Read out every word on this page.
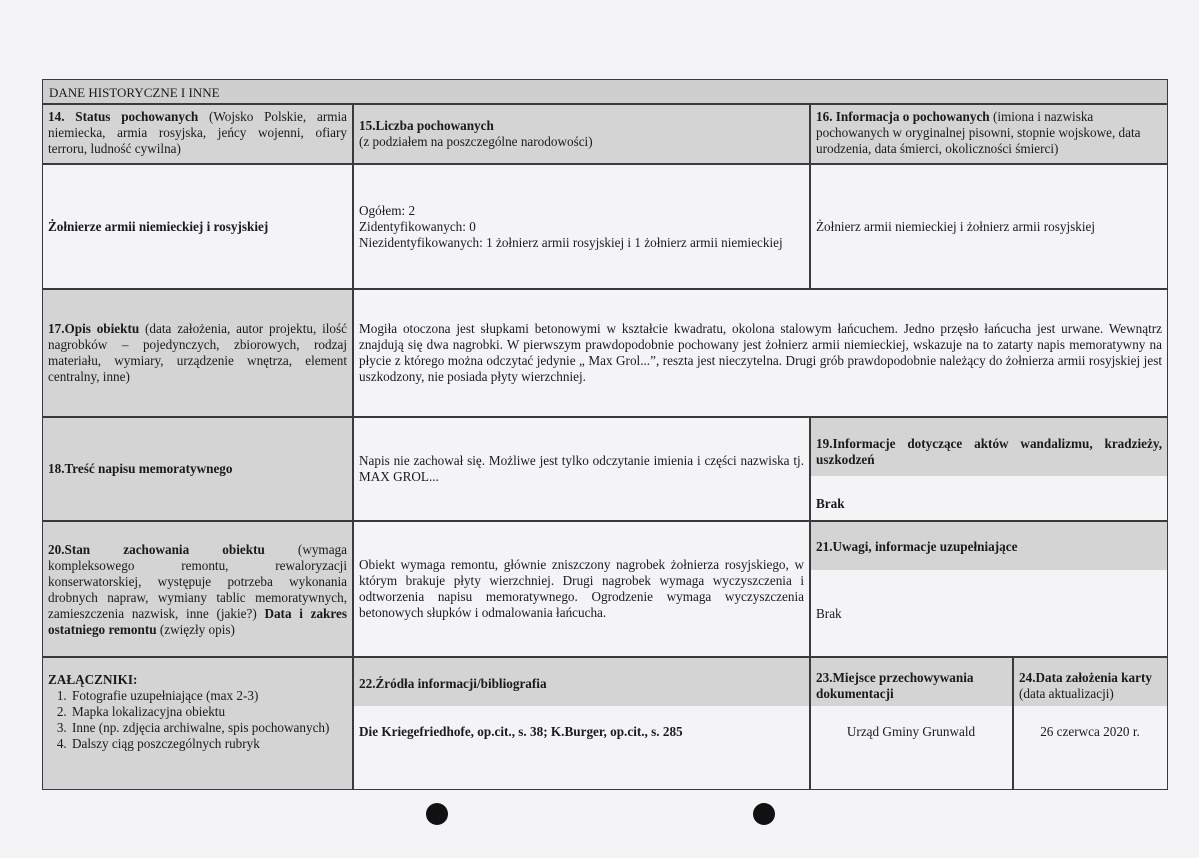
DANE HISTORYCZNE I INNE
14. Status pochowanych (Wojsko Polskie, armia niemiecka, armia rosyjska, jeńcy wojenni, ofiary terroru, ludność cywilna)
15.Liczba pochowanych
(z podziałem na poszczególne narodowości)
16. Informacja o pochowanych (imiona i nazwiska pochowanych w oryginalnej pisowni, stopnie wojskowe, data urodzenia, data śmierci, okoliczności śmierci)
Żołnierze armii niemieckiej i rosyjskiej
Ogółem: 2
Zidentyfikowanych: 0
Niezidentyfikowanych: 1 żołnierz armii rosyjskiej i 1 żołnierz armii niemieckiej
Żołnierz armii niemieckiej i żołnierz armii rosyjskiej
17.Opis obiektu (data założenia, autor projektu, ilość nagrobków – pojedynczych, zbiorowych, rodzaj materiału, wymiary, urządzenie wnętrza, element centralny, inne)
Mogiła otoczona jest słupkami betonowymi w kształcie kwadratu, okolona stalowym łańcuchem. Jedno przęsło łańcucha jest urwane. Wewnątrz znajdują się dwa nagrobki. W pierwszym prawdopodobnie pochowany jest żołnierz armii niemieckiej, wskazuje na to zatarty napis memoratywny na płycie z którego można odczytać jedynie „ Max Grol...”, reszta jest nieczytelna. Drugi grób prawdopodobnie należący do żołnierza armii rosyjskiej jest uszkodzony, nie posiada płyty wierzchniej.
18.Treść napisu memoratywnego
Napis nie zachował się. Możliwe jest tylko odczytanie imienia i części nazwiska tj. MAX GROL...
19.Informacje dotyczące aktów wandalizmu, kradzieży, uszkodzeń
Brak
20.Stan zachowania obiektu	(wymaga kompleksowego remontu, rewaloryzacji konserwatorskiej, występuje potrzeba wykonania drobnych napraw, wymiany tablic memoratywnych, zamieszczenia nazwisk, inne (jakie?) Data i zakres ostatniego remontu (zwięzły opis)
Obiekt wymaga remontu, głównie zniszczony nagrobek żołnierza rosyjskiego, w którym brakuje płyty wierzchniej. Drugi nagrobek wymaga wyczyszczenia i odtworzenia napisu memoratywnego. Ogrodzenie wymaga wyczyszczenia betonowych słupków i odmalowania łańcucha.
21.Uwagi, informacje uzupełniające
Brak
ZAŁĄCZNIKI:
1. Fotografie uzupełniające (max 2-3)
2. Mapka lokalizacyjna obiektu
3. Inne (np. zdjęcia archiwalne, spis pochowanych)
4. Dalszy ciąg poszczególnych rubryk
22.Źródła informacji/bibliografia
Die Kriegefriedhofe, op.cit., s. 38; K.Burger, op.cit., s. 285
23.Miejsce przechowywania dokumentacji
Urząd Gminy Grunwald
24.Data założenia karty
(data aktualizacji)
26 czerwca 2020 r.
